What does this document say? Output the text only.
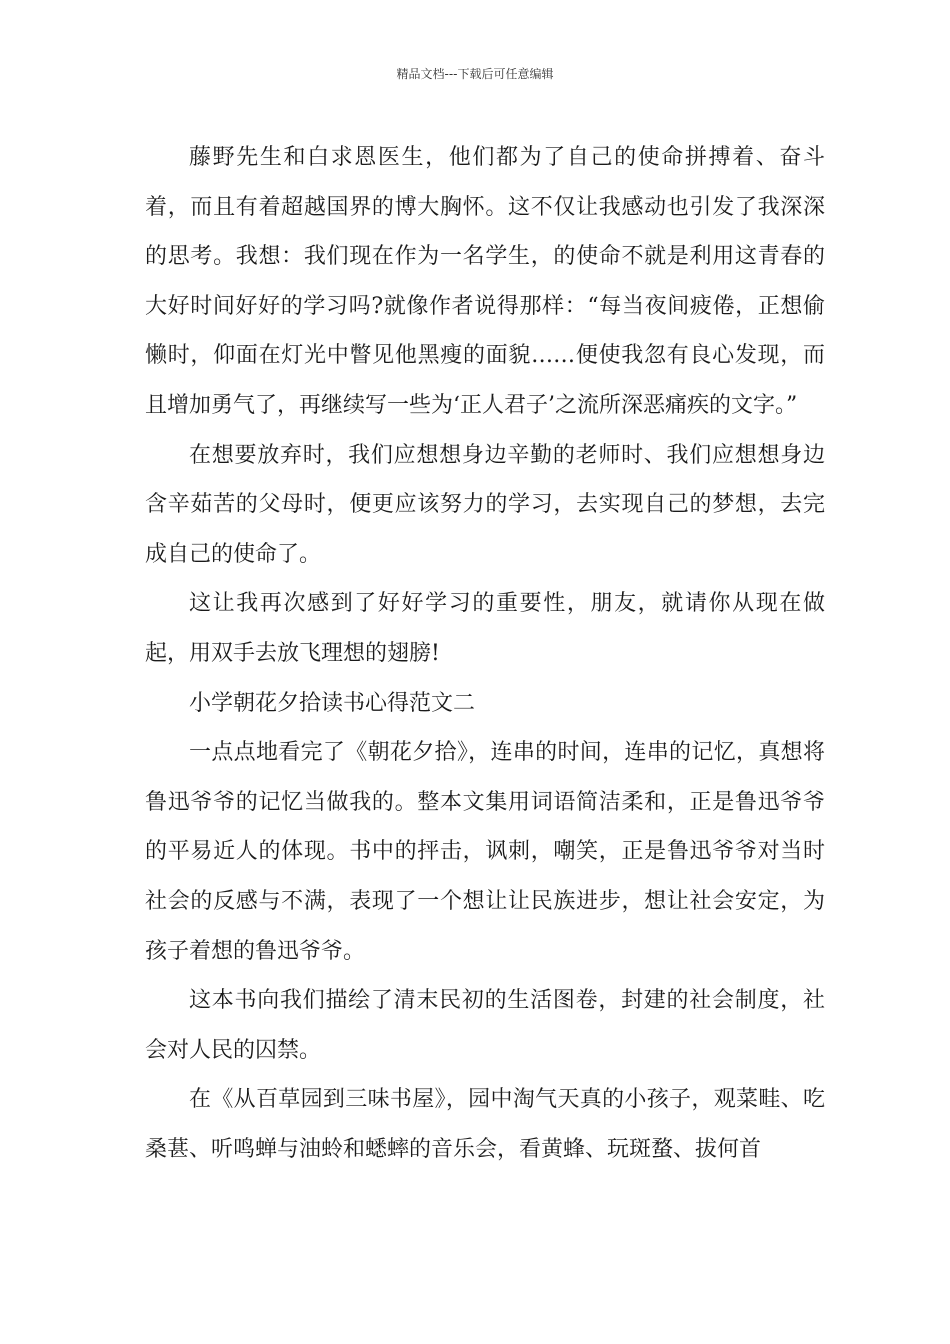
精品文档---下载后可任意编辑

藤野先生和白求恩医生，他们都为了自己的使命拼搏着、奋斗着，而且有着超越国界的博大胸怀。这不仅让我感动也引发了我深深的思考。我想：我们现在作为一名学生，的使命不就是利用这青春的大好时间好好的学习吗?就像作者说得那样：“每当夜间疲倦，正想偷懒时，仰面在灯光中瞥见他黑瘦的面貌……便使我忽有良心发现，而且增加勇气了，再继续写一些为‘正人君子’之流所深恶痛疾的文字。”

在想要放弃时，我们应想想身边辛勤的老师时、我们应想想身边含辛茹苦的父母时，便更应该努力的学习，去实现自己的梦想，去完成自己的使命了。

这让我再次感到了好好学习的重要性，朋友，就请你从现在做起，用双手去放飞理想的翅膀!

小学朝花夕拾读书心得范文二

一点点地看完了《朝花夕拾》，连串的时间，连串的记忆，真想将鲁迅爷爷的记忆当做我的。整本文集用词语简洁柔和，正是鲁迅爷爷的平易近人的体现。书中的抨击，讽刺，嘲笑，正是鲁迅爷爷对当时社会的反感与不满，表现了一个想让让民族进步，想让社会安定，为孩子着想的鲁迅爷爷。

这本书向我们描绘了清末民初的生活图卷，封建的社会制度，社会对人民的囚禁。

在《从百草园到三味书屋》，园中淘气天真的小孩子，观菜畦、吃桑葚、听鸣蝉与油蛉和蟋蟀的音乐会，看黄蜂、玩斑蝥、拔何首
